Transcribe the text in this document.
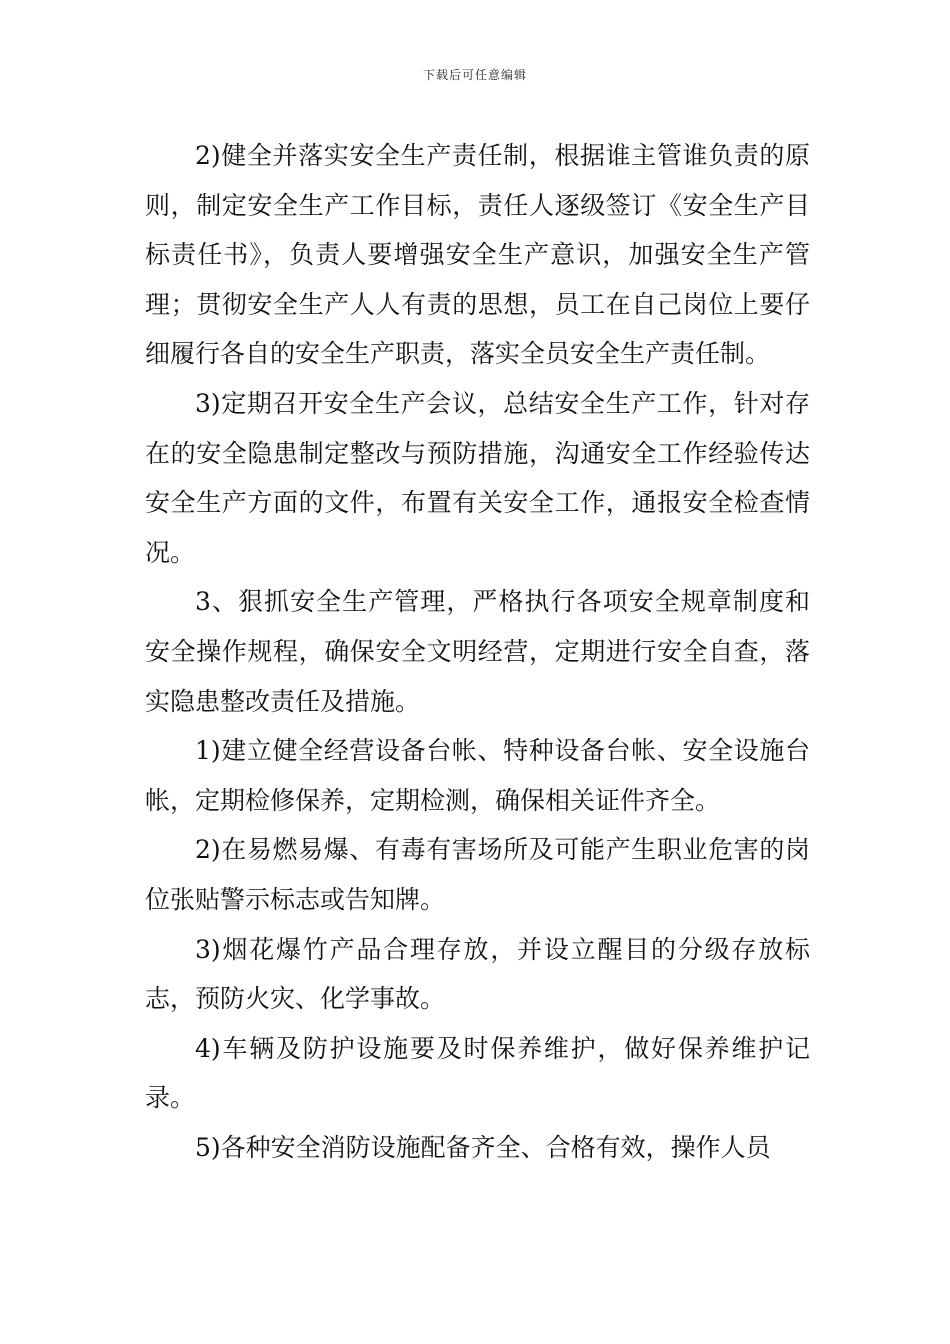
下载后可任意编辑

2)健全并落实安全生产责任制，根据谁主管谁负责的原则，制定安全生产工作目标，责任人逐级签订《安全生产目标责任书》，负责人要增强安全生产意识，加强安全生产管理；贯彻安全生产人人有责的思想，员工在自己岗位上要仔细履行各自的安全生产职责，落实全员安全生产责任制。

3)定期召开安全生产会议，总结安全生产工作，针对存在的安全隐患制定整改与预防措施，沟通安全工作经验传达安全生产方面的文件，布置有关安全工作，通报安全检查情况。

3、狠抓安全生产管理，严格执行各项安全规章制度和安全操作规程，确保安全文明经营，定期进行安全自查，落实隐患整改责任及措施。

1)建立健全经营设备台帐、特种设备台帐、安全设施台帐，定期检修保养，定期检测，确保相关证件齐全。

2)在易燃易爆、有毒有害场所及可能产生职业危害的岗位张贴警示标志或告知牌。

3)烟花爆竹产品合理存放，并设立醒目的分级存放标志，预防火灾、化学事故。

4)车辆及防护设施要及时保养维护，做好保养维护记录。

5)各种安全消防设施配备齐全、合格有效，操作人员
